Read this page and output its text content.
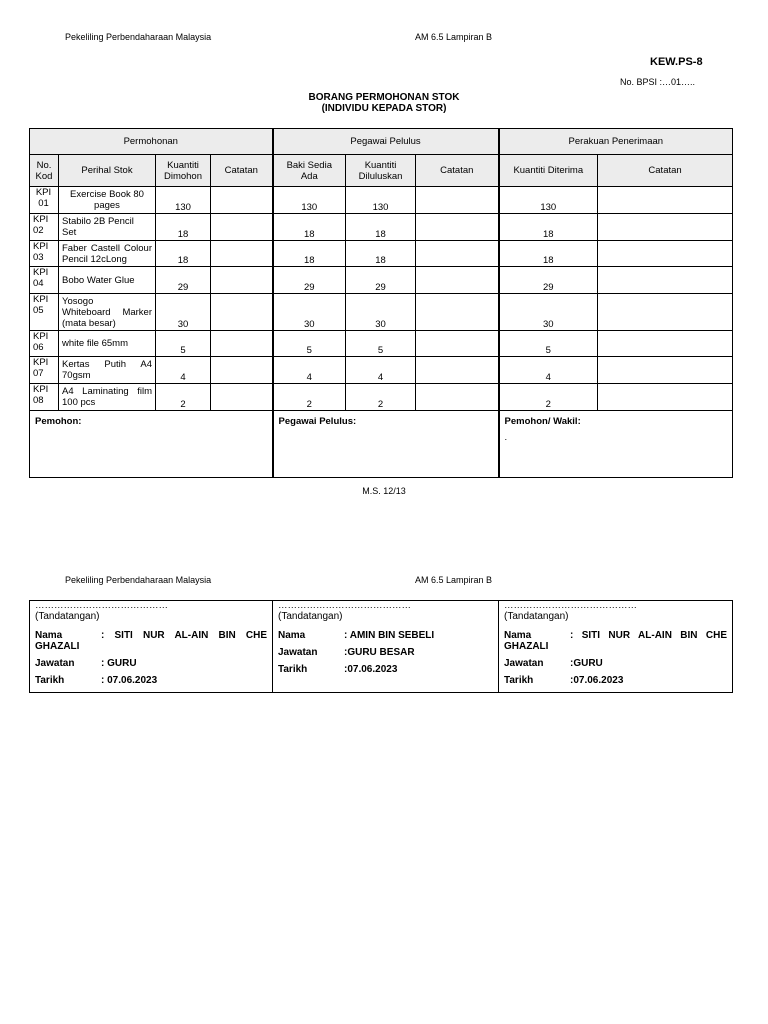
Pekeliling Perbendaharaan Malaysia	AM 6.5 Lampiran B
KEW.PS-8
No. BPSI :…01…..
BORANG PERMOHONAN STOK
(INDIVIDU KEPADA STOR)
Permohonan				Pegawai Pelulus			Perakuan Penerimaan	
No. Kod	Perihal Stok	Kuantiti Dimohon	Catatan	Baki Sedia Ada	Kuantiti Diluluskan	Catatan	Kuantiti Diterima	Catatan
KPI 01	Exercise Book 80
pages	130		130	130		130	
KPI 02	Stabilo 2B Pencil
Set	18		18	18		18	
KPI 03	Faber Castell Colour
Pencil 12cLong	18		18	18		18	
KPI 04	Bobo Water Glue	29		29	29		29	
KPI 05	Yosogo
Whiteboard Marker
(mata besar)	30		30	30		30	
KPI 06	white file 65mm	5		5	5		5	
KPI 07	Kertas Putih A4
70gsm	4		4	4		4	
KPI 08	A4 Laminating film
100 pcs	2		2	2		2	
Pemohon:				Pegawai Pelulus:			Pemohon/ Wakil:
.	
M.S. 12/13
Pekeliling Perbendaharaan Malaysia	AM 6.5 Lampiran B
……………………………………
(Tandatangan)
Nama	: SITI NUR AL-AIN BIN CHE GHAZALI
Jawatan	: GURU
Tarikh	: 07.06.2023

……………………………………
(Tandatangan)
Nama	: AMIN BIN SEBELI
Jawatan	:GURU BESAR
Tarikh	:07.06.2023

……………………………………
(Tandatangan)
Nama	: SITI NUR AL-AIN BIN CHE GHAZALI
Jawatan	:GURU
Tarikh	:07.06.2023
